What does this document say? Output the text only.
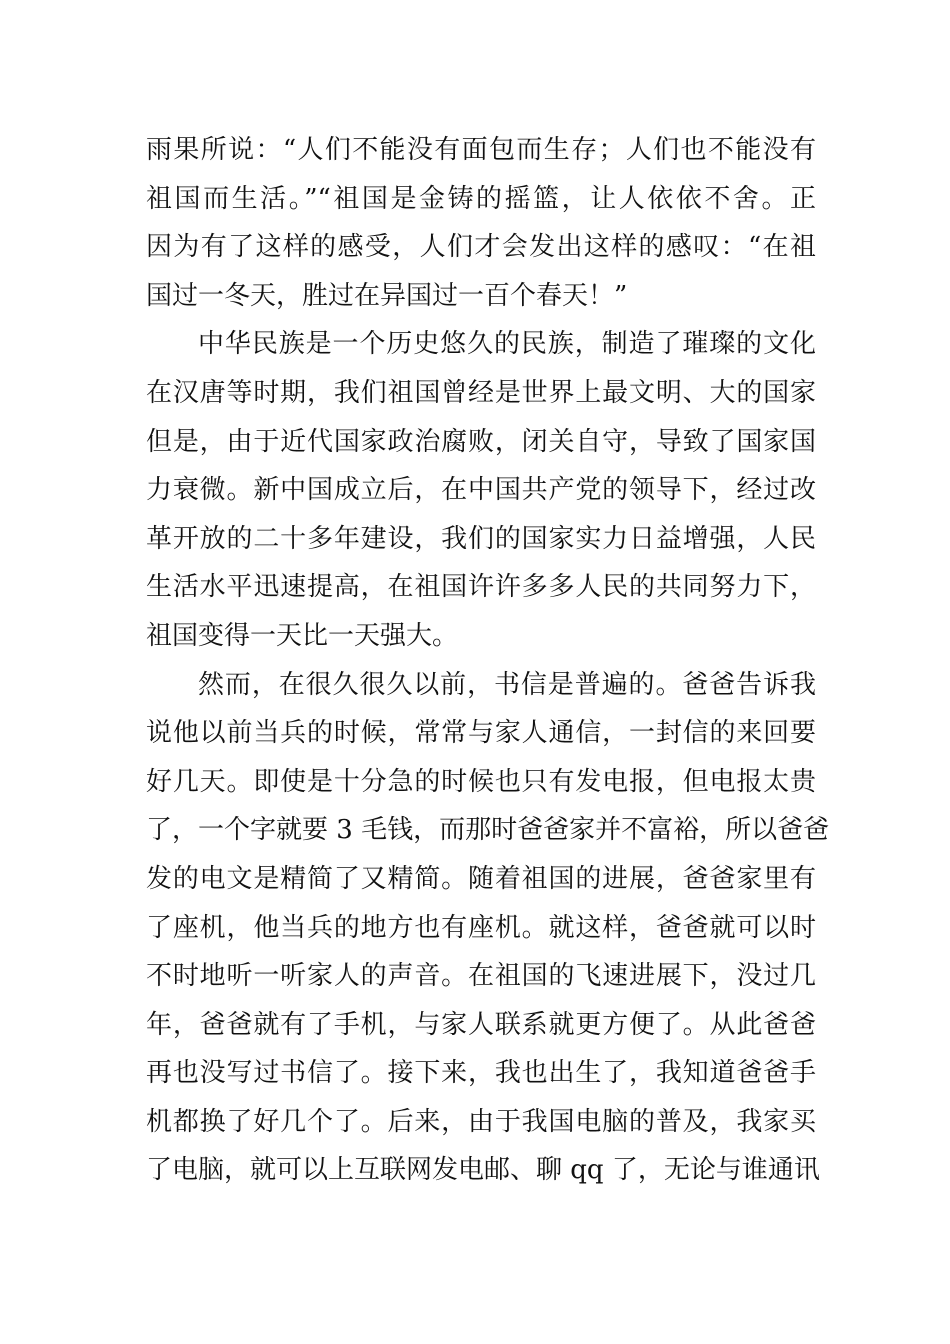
雨果所说：“人们不能没有面包而生存；人们也不能没有
祖国而生活。”“祖国是金铸的摇篮，让人依依不舍。正
因为有了这样的感受，人们才会发出这样的感叹：“在祖
国过一冬天，胜过在异国过一百个春天！”
中华民族是一个历史悠久的民族，制造了璀璨的文化
在汉唐等时期，我们祖国曾经是世界上最文明、大的国家
但是，由于近代国家政治腐败，闭关自守，导致了国家国
力衰微。新中国成立后，在中国共产党的领导下，经过改
革开放的二十多年建设，我们的国家实力日益增强，人民
生活水平迅速提高，在祖国许许多多人民的共同努力下，
祖国变得一天比一天强大。
然而，在很久很久以前，书信是普遍的。爸爸告诉我
说他以前当兵的时候，常常与家人通信，一封信的来回要
好几天。即使是十分急的时候也只有发电报，但电报太贵
了，一个字就要 3 毛钱，而那时爸爸家并不富裕，所以爸爸
发的电文是精简了又精简。随着祖国的进展，爸爸家里有
了座机，他当兵的地方也有座机。就这样，爸爸就可以时
不时地听一听家人的声音。在祖国的飞速进展下，没过几
年，爸爸就有了手机，与家人联系就更方便了。从此爸爸
再也没写过书信了。接下来，我也出生了，我知道爸爸手
机都换了好几个了。后来，由于我国电脑的普及，我家买
了电脑，就可以上互联网发电邮、聊 qq 了，无论与谁通讯
